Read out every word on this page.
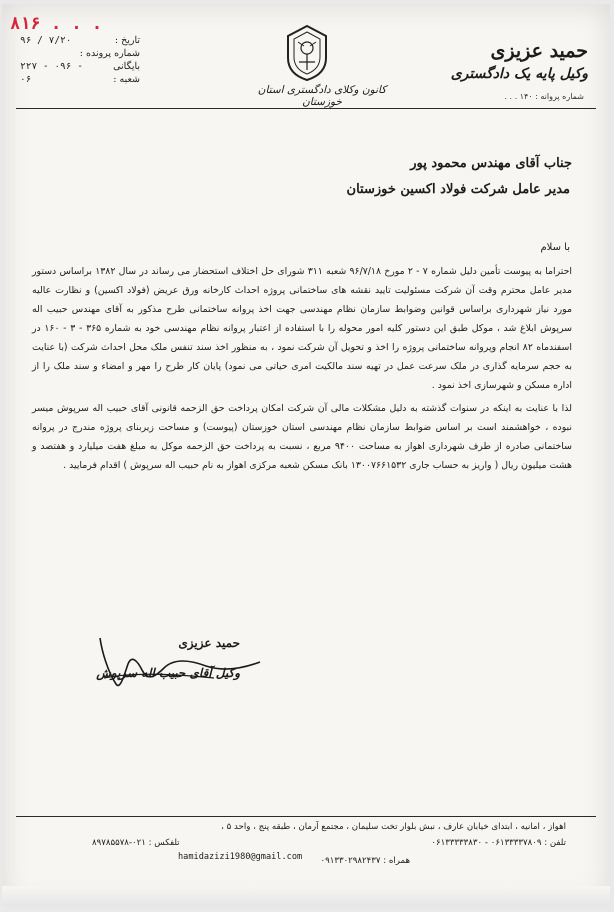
۸۱۶ . . .
۹۶ / ۷/۲۰	تاریخ :
شماره پرونده :
۲۲۷ - ۰۹۶ - ۰۶
بایگانی شعبه :
کانون وکلای دادگستری استان خوزستان
حمید عزیزی
وکیل پایه یک دادگستری
شماره پروانه : ۱۴۰ . . .
جناب آقای مهندس محمود پور
مدیر عامل شرکت فولاد اکسین خوزستان
با سلام

احتراما به پیوست تأمین دلیل شماره ۷ - ۲ مورخ ۹۶/۷/۱۸ شعبه ۳۱۱ شورای حل اختلاف استحضار می رساند در سال ۱۳۸۲ براساس دستور مدیر عامل محترم وقت آن شرکت مسئولیت تایید نقشه های ساختمانی پروژه احداث کارخانه ورق عریض (فولاد اکسین) و نظارت عالیه مورد نیاز شهرداری براساس قوانین وضوابط سازمان نظام مهندسی جهت اخذ پروانه ساختمانی طرح مذکور به آقای مهندس حبیب اله سرپوش ابلاغ شد ، موکل طبق این دستور کلیه امور محوله را با استفاده از اعتبار پروانه نظام مهندسی خود به شماره ۳۶۵ - ۳ - ۱۶۰ در اسفندماه ۸۲ انجام وپروانه ساختمانی پروژه را اخذ و تحویل آن شرکت نمود ، به منظور اخذ سند تنفس ملک محل احداث شرکت (با عنایت به حجم سرمایه گذاری در ملک سرعت عمل در تهیه سند مالکیت امری حیاتی می نمود) پایان کار طرح را مهر و امضاء و سند ملک را از اداره مسکن و شهرسازی اخذ نمود .

لذا با عنایت به اینکه در سنوات گذشته به دلیل مشکلات مالی آن شرکت امکان پرداخت حق الزحمه قانونی آقای حبیب اله سرپوش میسر نبوده ، خواهشمند است بر اساس ضوابط سازمان نظام مهندسی استان خوزستان (پیوست) و مساحت زیربنای پروژه مندرج در پروانه ساختمانی صادره از طرف شهرداری اهواز به مساحت ۹۴۰۰ مربع ، نسبت به پرداخت حق الزحمه موکل به مبلغ هفت میلیارد و هفتصد و هشت میلیون ریال ( واریز به حساب جاری ۱۳۰۰۷۶۶۱۵۳۲ بانک مسکن شعبه مرکزی اهواز به نام حبیب اله سرپوش ) اقدام فرمایید .

حمید عزیزی
وکیل آقای حبیب اله سرپوش
اهواز ، امانیه ، ابتدای خیابان عارف ، نبش بلوار تخت سلیمان ، مجتمع آرمان ، طبقه پنج ، واحد ۵ ،
تلفن : ۰۶۱۳۳۳۳۷۸۰۹ - ۰۶۱۳۳۳۳۳۸۳۰
تلفکس : ۰۲۱-۸۹۷۸۵۵۷۸
hamidazizi1980@gmail.com همراه : ۰۹۱۳۳۰۲۹۸۲۴۳۷
